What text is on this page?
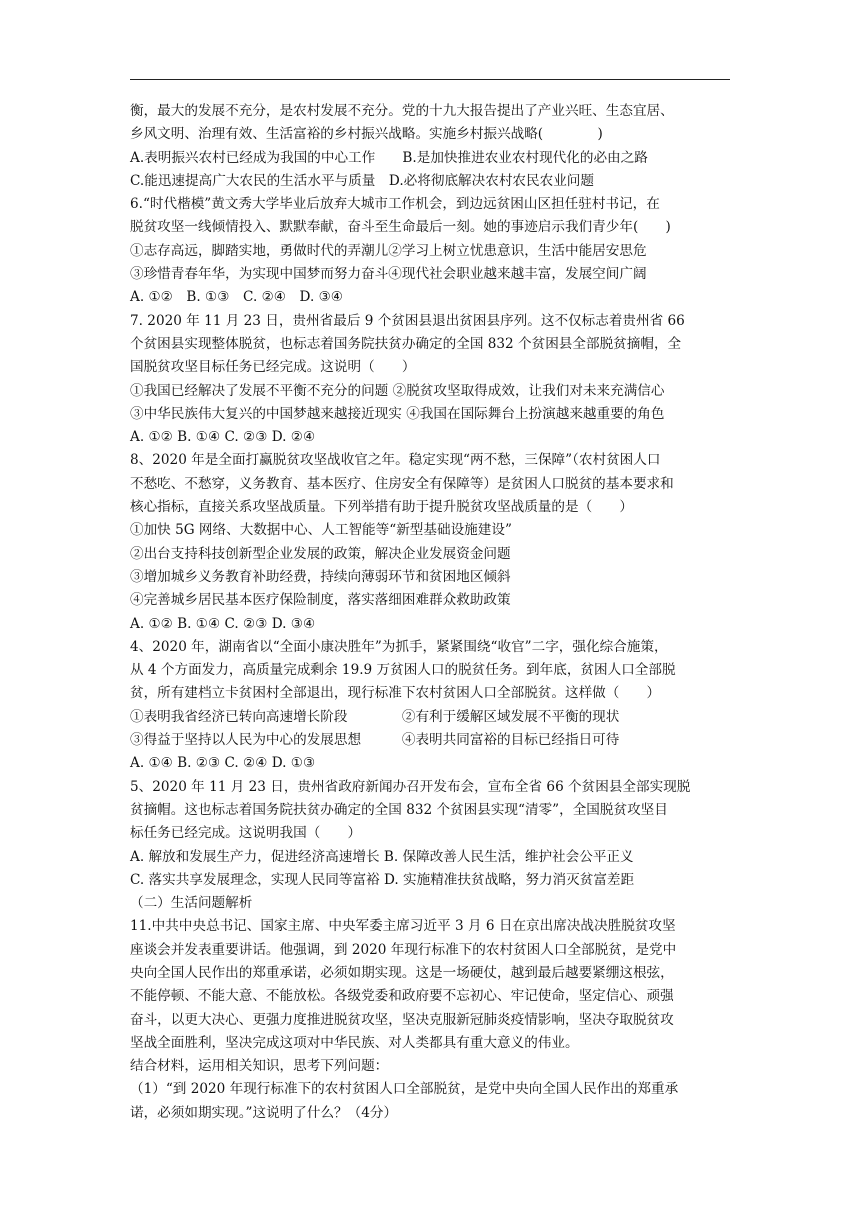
衡，最大的发展不充分，是农村发展不充分。党的十九大报告提出了产业兴旺、生态宜居、
乡风文明、治理有效、生活富裕的乡村振兴战略。实施乡村振兴战略(　　　　)
A.表明振兴农村已经成为我国的中心工作　　B.是加快推进农业农村现代化的必由之路
C.能迅速提高广大农民的生活水平与质量　D.必将彻底解决农村农民农业问题
6.“时代楷模”黄文秀大学毕业后放弃大城市工作机会，到边远贫困山区担任驻村书记，在
脱贫攻坚一线倾情投入、默默奉献，奋斗至生命最后一刻。她的事迹启示我们青少年(　　)
①志存高远，脚踏实地，勇做时代的弄潮儿②学习上树立忧患意识，生活中能居安思危
③珍惜青春年华，为实现中国梦而努力奋斗④现代社会职业越来越丰富，发展空间广阔
A. ①②　B. ①③　C. ②④　D. ③④
7. 2020 年 11 月 23 日，贵州省最后 9 个贫困县退出贫困县序列。这不仅标志着贵州省 66
个贫困县实现整体脱贫，也标志着国务院扶贫办确定的全国 832 个贫困县全部脱贫摘帽，全
国脱贫攻坚目标任务已经完成。这说明（　　）
①我国已经解决了发展不平衡不充分的问题 ②脱贫攻坚取得成效，让我们对未来充满信心
③中华民族伟大复兴的中国梦越来越接近现实 ④我国在国际舞台上扮演越来越重要的角色
A. ①② B. ①④ C. ②③ D. ②④
8、2020 年是全面打赢脱贫攻坚战收官之年。稳定实现“两不愁，三保障”（农村贫困人口
不愁吃、不愁穿，义务教育、基本医疗、住房安全有保障等）是贫困人口脱贫的基本要求和
核心指标，直接关系攻坚战质量。下列举措有助于提升脱贫攻坚战质量的是（　　）
①加快 5G 网络、大数据中心、人工智能等“新型基础设施建设”
②出台支持科技创新型企业发展的政策，解决企业发展资金问题
③增加城乡义务教育补助经费，持续向薄弱环节和贫困地区倾斜
④完善城乡居民基本医疗保险制度，落实落细困难群众救助政策
A. ①② B. ①④ C. ②③ D. ③④
4、2020 年，湖南省以“全面小康决胜年”为抓手，紧紧围绕“收官”二字，强化综合施策，
从 4 个方面发力，高质量完成剩余 19.9 万贫困人口的脱贫任务。到年底，贫困人口全部脱
贫，所有建档立卡贫困村全部退出，现行标准下农村贫困人口全部脱贫。这样做（　　）
①表明我省经济已转向高速增长阶段　　　　②有利于缓解区域发展不平衡的现状
③得益于坚持以人民为中心的发展思想　　　④表明共同富裕的目标已经指日可待
A. ①④ B. ②③ C. ②④ D. ①③
5、2020 年 11 月 23 日，贵州省政府新闻办召开发布会，宣布全省 66 个贫困县全部实现脱
贫摘帽。这也标志着国务院扶贫办确定的全国 832 个贫困县实现“清零”，全国脱贫攻坚目
标任务已经完成。这说明我国（　　）
A. 解放和发展生产力，促进经济高速增长 B. 保障改善人民生活，维护社会公平正义
C. 落实共享发展理念，实现人民同等富裕 D. 实施精准扶贫战略，努力消灭贫富差距
（二）生活问题解析
11.中共中央总书记、国家主席、中央军委主席习近平 3 月 6 日在京出席决战决胜脱贫攻坚
座谈会并发表重要讲话。他强调，到 2020 年现行标准下的农村贫困人口全部脱贫，是党中
央向全国人民作出的郑重承诺，必须如期实现。这是一场硬仗，越到最后越要紧绷这根弦，
不能停顿、不能大意、不能放松。各级党委和政府要不忘初心、牢记使命，坚定信心、顽强
奋斗，以更大决心、更强力度推进脱贫攻坚，坚决克服新冠肺炎疫情影响，坚决夺取脱贫攻
坚战全面胜利，坚决完成这项对中华民族、对人类都具有重大意义的伟业。
结合材料，运用相关知识，思考下列问题：
（1）“到 2020 年现行标准下的农村贫困人口全部脱贫，是党中央向全国人民作出的郑重承
诺，必须如期实现。”这说明了什么？（4分）
